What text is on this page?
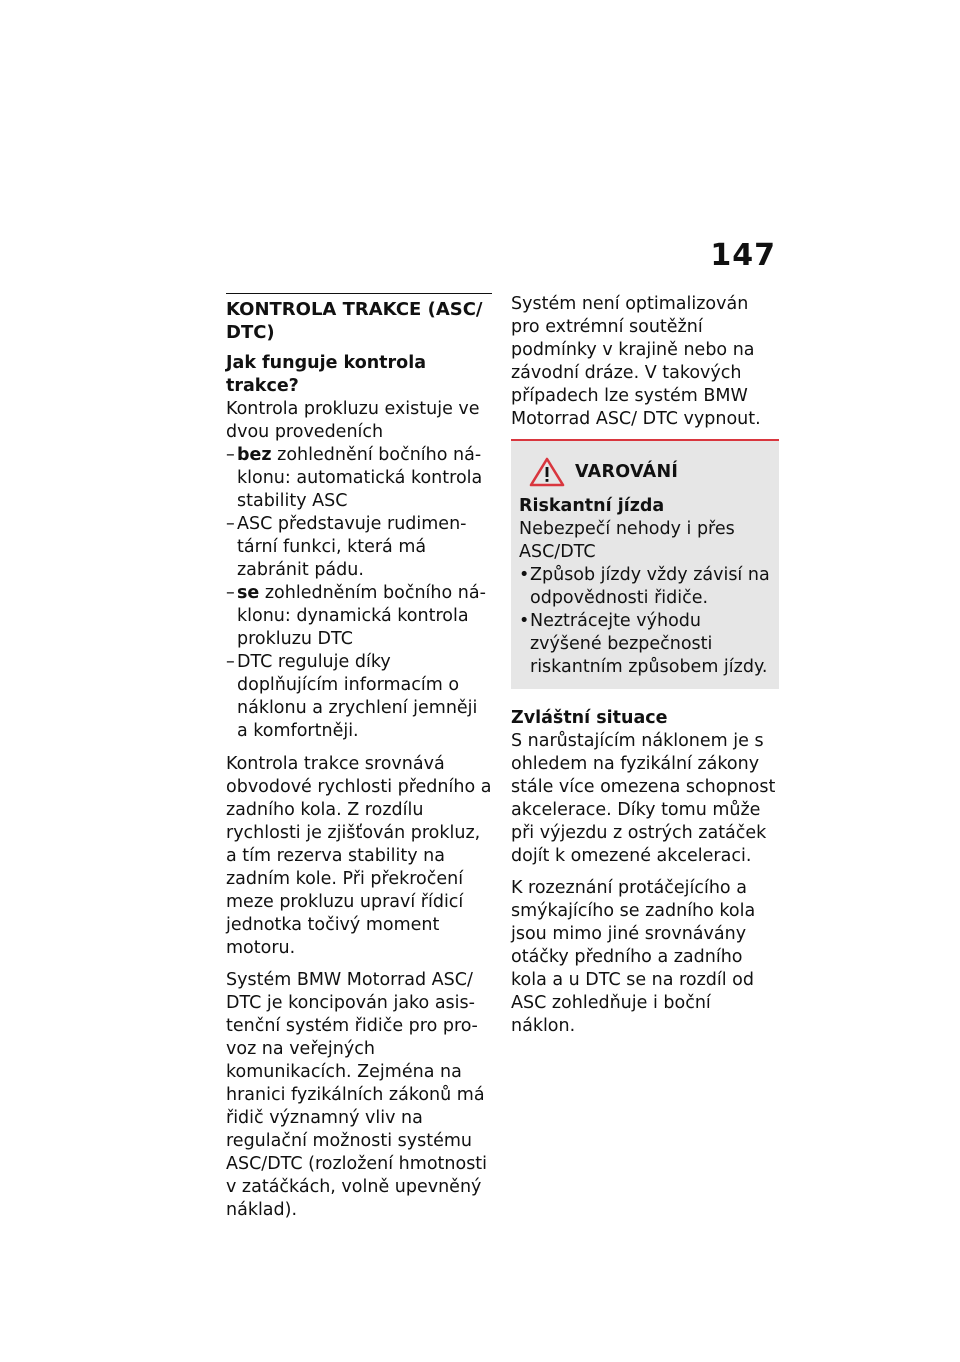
147
KONTROLA TRAKCE (ASC/ DTC)
Jak funguje kontrola trakce?

Kontrola prokluzu existuje ve dvou provedeních

– bez zohlednění bočního náklonu: automatická kontrola stability ASC
– ASC představuje rudimentární funkci, která má zabránit pádu.
– se zohledněním bočního náklonu: dynamická kontrola prokluzu DTC
– DTC reguluje díky doplňujícím informacím o náklonu a zrychlení jemněji a komfortněji.

Kontrola trakce srovnává obvodové rychlosti předního a zadního kola. Z rozdílu rychlosti je zjišťován prokluz, a tím rezerva stability na zadním kole. Při překročení meze prokluzu upraví řídicí jednotka točivý moment motoru.

Systém BMW Motorrad ASC/ DTC je koncipován jako asistenční systém řidiče pro provoz na veřejných komunikacích. Zejména na hranici fyzikálních zákonů má řidič významný vliv na regulační možnosti systému ASC/DTC (rozložení hmotnosti v zatáčkách, volně upevněný náklad).

Systém není optimalizován pro extrémní soutěžní podmínky v krajině nebo na závodní dráze. V takových případech lze systém BMW Motorrad ASC/ DTC vypnout.

VAROVÁNÍ
Riskantní jízda

Nebezpečí nehody i přes ASC/DTC

• Způsob jízdy vždy závisí na odpovědnosti řidiče.
• Neztrácejte výhodu zvýšené bezpečnosti riskantním způsobem jízdy.
Zvláštní situace

S narůstajícím náklonem je s ohledem na fyzikální zákony stále více omezena schopnost akcelerace. Díky tomu může při výjezdu z ostrých zatáček dojít k omezené akceleraci.

K rozeznání protáčejícího a smýkajícího se zadního kola jsou mimo jiné srovnávány otáčky předního a zadního kola a u DTC se na rozdíl od ASC zohledňuje i boční náklon.
